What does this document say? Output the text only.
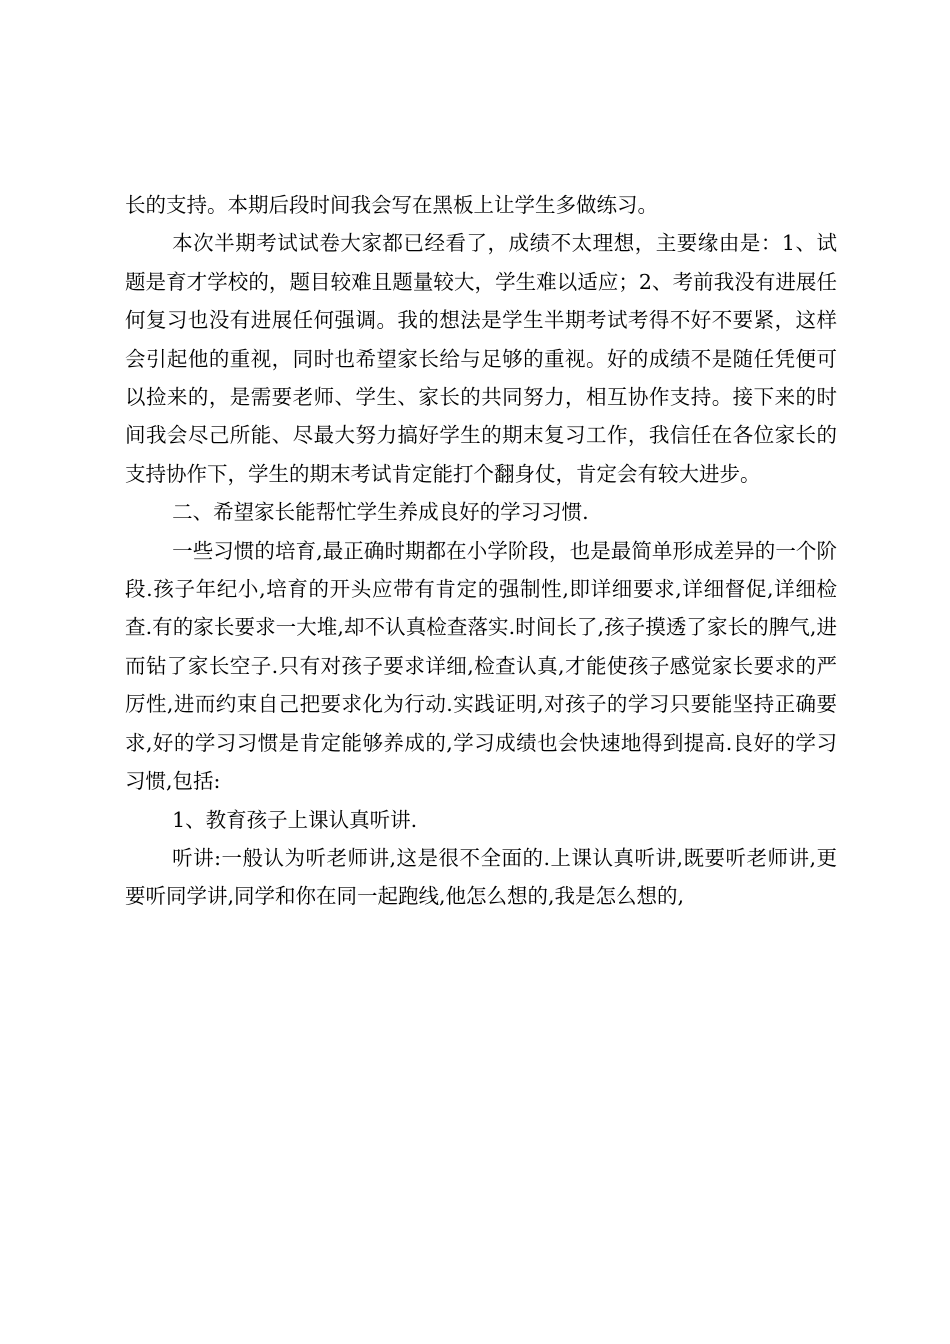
长的支持。本期后段时间我会写在黑板上让学生多做练习。

本次半期考试试卷大家都已经看了，成绩不太理想，主要缘由是：1、试题是育才学校的，题目较难且题量较大，学生难以适应；2、考前我没有进展任何复习也没有进展任何强调。我的想法是学生半期考试考得不好不要紧，这样会引起他的重视，同时也希望家长给与足够的重视。好的成绩不是随任凭便可以捡来的，是需要老师、学生、家长的共同努力，相互协作支持。接下来的时间我会尽己所能、尽最大努力搞好学生的期末复习工作，我信任在各位家长的支持协作下，学生的期末考试肯定能打个翻身仗，肯定会有较大进步。

二、希望家长能帮忙学生养成良好的学习习惯.

一些习惯的培育,最正确时期都在小学阶段，也是最简单形成差异的一个阶段.孩子年纪小,培育的开头应带有肯定的强制性,即详细要求,详细督促,详细检查.有的家长要求一大堆,却不认真检查落实.时间长了,孩子摸透了家长的脾气,进而钻了家长空子.只有对孩子要求详细,检查认真,才能使孩子感觉家长要求的严厉性,进而约束自己把要求化为行动.实践证明,对孩子的学习只要能坚持正确要求,好的学习习惯是肯定能够养成的,学习成绩也会快速地得到提高.良好的学习习惯,包括:

1、教育孩子上课认真听讲.

听讲:一般认为听老师讲,这是很不全面的.上课认真听讲,既要听老师讲,更要听同学讲,同学和你在同一起跑线,他怎么想的,我是怎么想的,
